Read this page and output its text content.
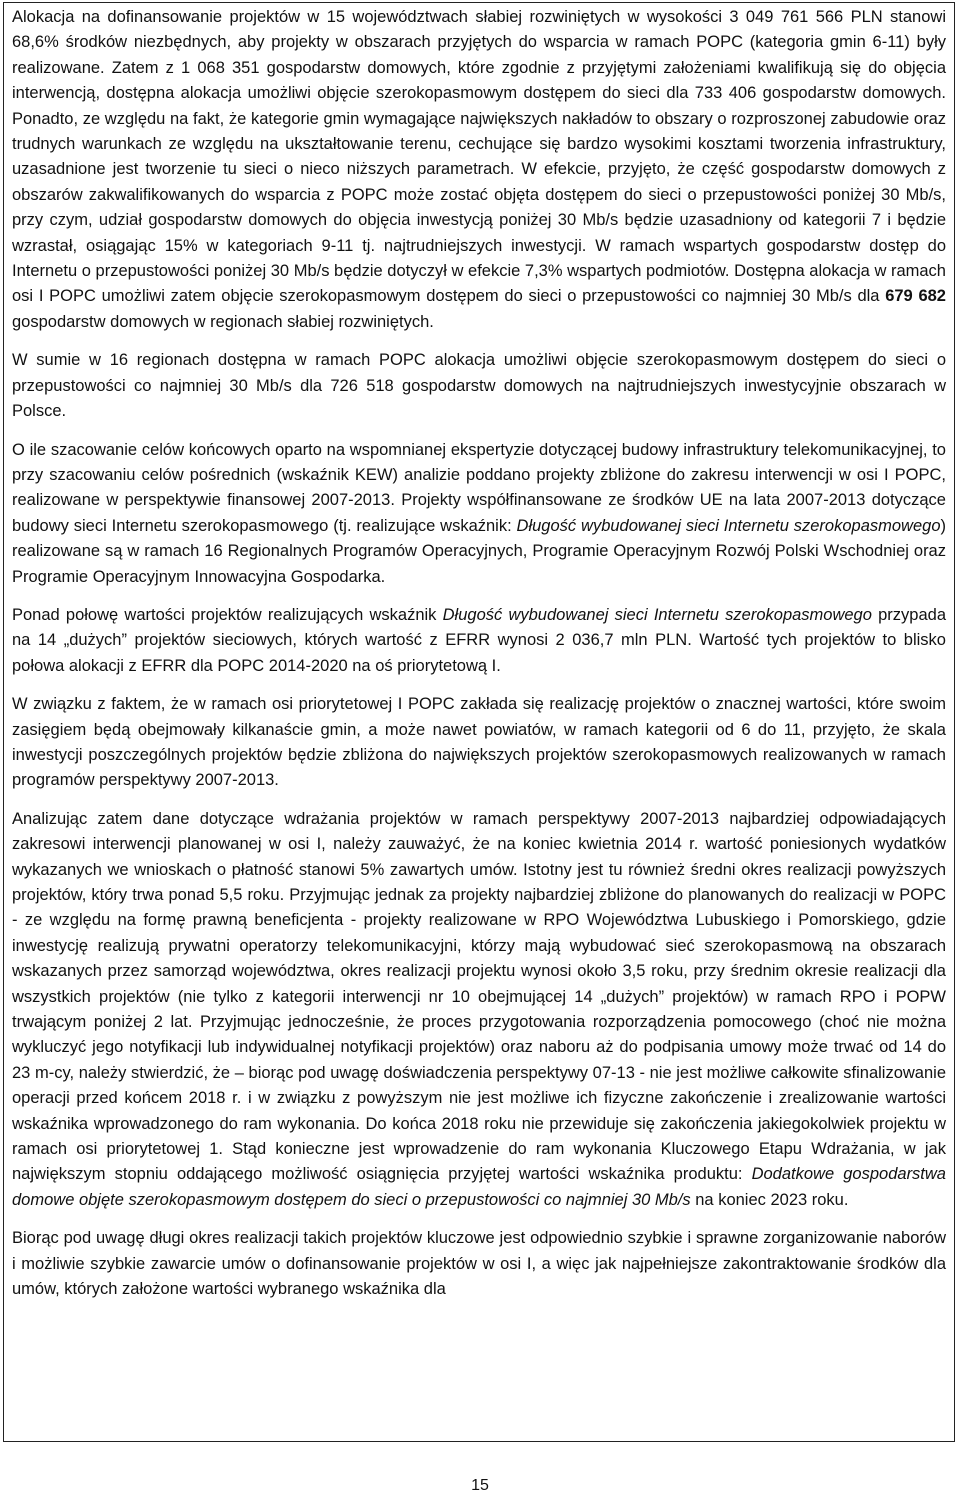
Alokacja na dofinansowanie projektów w 15 województwach słabiej rozwiniętych w wysokości 3 049 761 566 PLN stanowi 68,6% środków niezbędnych, aby projekty w obszarach przyjętych do wsparcia w ramach POPC (kategoria gmin 6-11) były realizowane. Zatem z 1 068 351 gospodarstw domowych, które zgodnie z przyjętymi założeniami kwalifikują się do objęcia interwencją, dostępna alokacja umożliwi objęcie szerokopasmowym dostępem do sieci dla 733 406 gospodarstw domowych. Ponadto, ze względu na fakt, że kategorie gmin wymagające największych nakładów to obszary o rozproszonej zabudowie oraz trudnych warunkach ze względu na ukształtowanie terenu, cechujące się bardzo wysokimi kosztami tworzenia infrastruktury, uzasadnione jest tworzenie tu sieci o nieco niższych parametrach. W efekcie, przyjęto, że część gospodarstw domowych z obszarów zakwalifikowanych do wsparcia z POPC może zostać objęta dostępem do sieci o przepustowości poniżej 30 Mb/s, przy czym, udział gospodarstw domowych do objęcia inwestycją poniżej 30 Mb/s będzie uzasadniony od kategorii 7 i będzie wzrastał, osiągając 15% w kategoriach 9-11 tj. najtrudniejszych inwestycji. W ramach wspartych gospodarstw dostęp do Internetu o przepustowości poniżej 30 Mb/s będzie dotyczył w efekcie 7,3% wspartych podmiotów. Dostępna alokacja w ramach osi I POPC umożliwi zatem objęcie szerokopasmowym dostępem do sieci o przepustowości co najmniej 30 Mb/s dla 679 682 gospodarstw domowych w regionach słabiej rozwiniętych.

W sumie w 16 regionach dostępna w ramach POPC alokacja umożliwi objęcie szerokopasmowym dostępem do sieci o przepustowości co najmniej 30 Mb/s dla 726 518 gospodarstw domowych na najtrudniejszych inwestycyjnie obszarach w Polsce.

O ile szacowanie celów końcowych oparto na wspomnianej ekspertyzie dotyczącej budowy infrastruktury telekomunikacyjnej, to przy szacowaniu celów pośrednich (wskaźnik KEW) analizie poddano projekty zbliżone do zakresu interwencji w osi I POPC, realizowane w perspektywie finansowej 2007-2013. Projekty współfinansowane ze środków UE na lata 2007-2013 dotyczące budowy sieci Internetu szerokopasmowego (tj. realizujące wskaźnik: Długość wybudowanej sieci Internetu szerokopasmowego) realizowane są w ramach 16 Regionalnych Programów Operacyjnych, Programie Operacyjnym Rozwój Polski Wschodniej oraz Programie Operacyjnym Innowacyjna Gospodarka.

Ponad połowę wartości projektów realizujących wskaźnik Długość wybudowanej sieci Internetu szerokopasmowego przypada na 14 „dużych” projektów sieciowych, których wartość z EFRR wynosi 2 036,7 mln PLN. Wartość tych projektów to blisko połowa alokacji z EFRR dla POPC 2014-2020 na oś priorytetową I.

W związku z faktem, że w ramach osi priorytetowej I POPC zakłada się realizację projektów o znacznej wartości, które swoim zasięgiem będą obejmowały kilkanaście gmin, a może nawet powiatów, w ramach kategorii od 6 do 11, przyjęto, że skala inwestycji poszczególnych projektów będzie zbliżona do największych projektów szerokopasmowych realizowanych w ramach programów perspektywy 2007-2013.

Analizując zatem dane dotyczące wdrażania projektów w ramach perspektywy 2007-2013 najbardziej odpowiadających zakresowi interwencji planowanej w osi I, należy zauważyć, że na koniec kwietnia 2014 r. wartość poniesionych wydatków wykazanych we wnioskach o płatność stanowi 5% zawartych umów. Istotny jest tu również średni okres realizacji powyższych projektów, który trwa ponad 5,5 roku. Przyjmując jednak za projekty najbardziej zbliżone do planowanych do realizacji w POPC - ze względu na formę prawną beneficjenta - projekty realizowane w RPO Województwa Lubuskiego i Pomorskiego, gdzie inwestycję realizują prywatni operatorzy telekomunikacyjni, którzy mają wybudować sieć szerokopasmową na obszarach wskazanych przez samorząd województwa, okres realizacji projektu wynosi około 3,5 roku, przy średnim okresie realizacji dla wszystkich projektów (nie tylko z kategorii interwencji nr 10 obejmującej 14 „dużych” projektów) w ramach RPO i POPW trwającym poniżej 2 lat. Przyjmując jednocześnie, że proces przygotowania rozporządzenia pomocowego (choć nie można wykluczyć jego notyfikacji lub indywidualnej notyfikacji projektów) oraz naboru aż do podpisania umowy może trwać od 14 do 23 m-cy, należy stwierdzić, że – biorąc pod uwagę doświadczenia perspektywy 07-13 - nie jest możliwe całkowite sfinalizowanie operacji przed końcem 2018 r. i w związku z powyższym nie jest możliwe ich fizyczne zakończenie i zrealizowanie wartości wskaźnika wprowadzonego do ram wykonania. Do końca 2018 roku nie przewiduje się zakończenia jakiegokolwiek projektu w ramach osi priorytetowej 1. Stąd konieczne jest wprowadzenie do ram wykonania Kluczowego Etapu Wdrażania, w jak największym stopniu oddającego możliwość osiągnięcia przyjętej wartości wskaźnika produktu: Dodatkowe gospodarstwa domowe objęte szerokopasmowym dostępem do sieci o przepustowości co najmniej 30 Mb/s na koniec 2023 roku.

Biorąc pod uwagę długi okres realizacji takich projektów kluczowe jest odpowiednio szybkie i sprawne zorganizowanie naborów i możliwie szybkie zawarcie umów o dofinansowanie projektów w osi I, a więc jak najpełniejsze zakontraktowanie środków dla umów, których założone wartości wybranego wskaźnika dla

15
